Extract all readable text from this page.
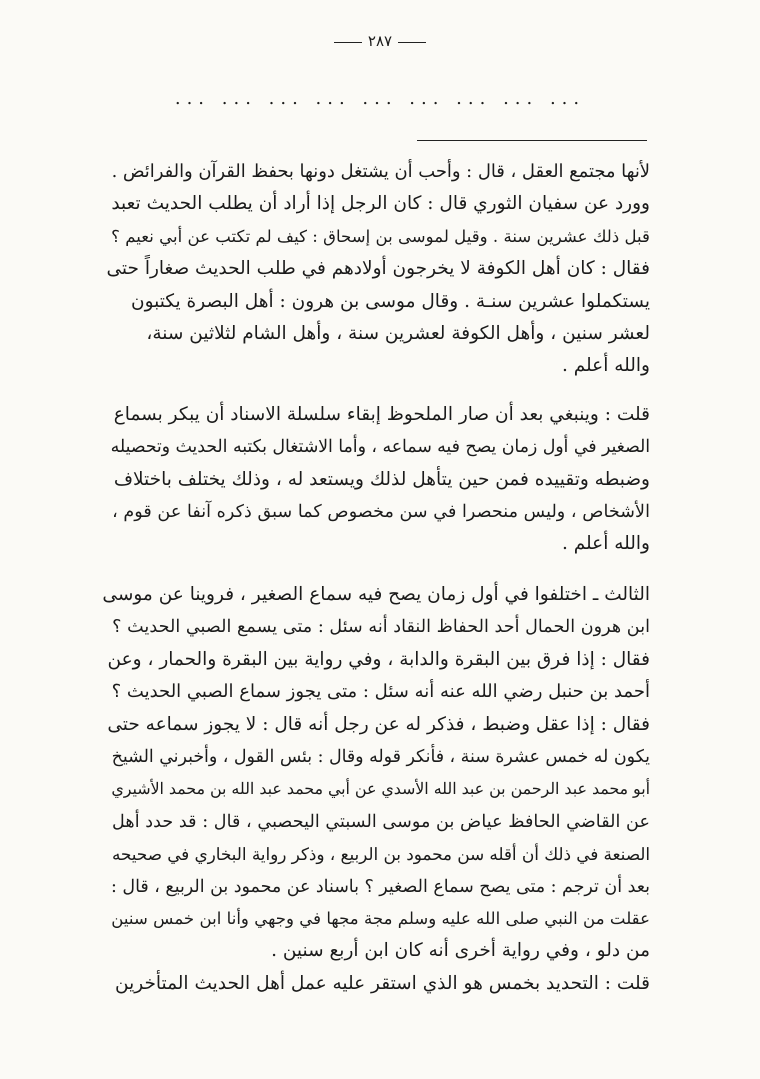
٢٨٧
... ... ... ... ... ... ... ... ...

لأنها مجتمع العقل ، قال : وأحب أن يشتغل دونها بحفظ القرآن والفرائض .
وورد عن سفيان الثوري قال : كان الرجل إذا أراد أن يطلب الحديث تعبد
قبل ذلك عشرين سنة . وقيل لموسى بن إسحاق : كيف لم تكتب عن أبي نعيم ؟
فقال : كان أهل الكوفة لا يخرجون أولادهم في طلب الحديث صغاراً حتى
يستكملوا عشرين سنـة . وقال موسى بن هرون : أهل البصرة يكتبون
لعشر سنين ، وأهل الكوفة لعشرين سنة ، وأهل الشام لثلاثين سنة،
والله أعلم .

قلت : وينبغي بعد أن صار الملحوظ إبقاء سلسلة الاسناد أن يبكر بسماع
الصغير في أول زمان يصح فيه سماعه ، وأما الاشتغال بكتبه الحديث وتحصيله
وضبطه وتقييده فمن حين يتأهل لذلك ويستعد له ، وذلك يختلف باختلاف
الأشخاص ، وليس منحصرا في سن مخصوص كما سبق ذكره آنفا عن قوم ،
والله أعلم .

الثالث ـ اختلفوا في أول زمان يصح فيه سماع الصغير ، فروينا عن موسى
ابن هرون الحمال أحد الحفاظ النقاد أنه سئل : متى يسمع الصبي الحديث ؟
فقال : إذا فرق بين البقرة والدابة ، وفي رواية بين البقرة والحمار ، وعن
أحمد بن حنبل رضي الله عنه أنه سئل : متى يجوز سماع الصبي الحديث ؟
فقال : إذا عقل وضبط ، فذكر له عن رجل أنه قال : لا يجوز سماعه حتى
يكون له خمس عشرة سنة ، فأنكر قوله وقال : بئس القول ، وأخبرني الشيخ
أبو محمد عبد الرحمن بن عبد الله الأسدي عن أبي محمد عبد الله بن محمد الأشيري
عن القاضي الحافظ عياض بن موسى السبتي اليحصبي ، قال : قد حدد أهل
الصنعة في ذلك أن أقله سن محمود بن الربيع ، وذكر رواية البخاري في صحيحه
بعد أن ترجم : متى يصح سماع الصغير ؟ باسناد عن محمود بن الربيع ، قال :
عقلت من النبي صلى الله عليه وسلم مجة مجها في وجهي وأنا ابن خمس سنين
من دلو ، وفي رواية أخرى أنه كان ابن أربع سنين .

قلت : التحديد بخمس هو الذي استقر عليه عمل أهل الحديث المتأخرين
